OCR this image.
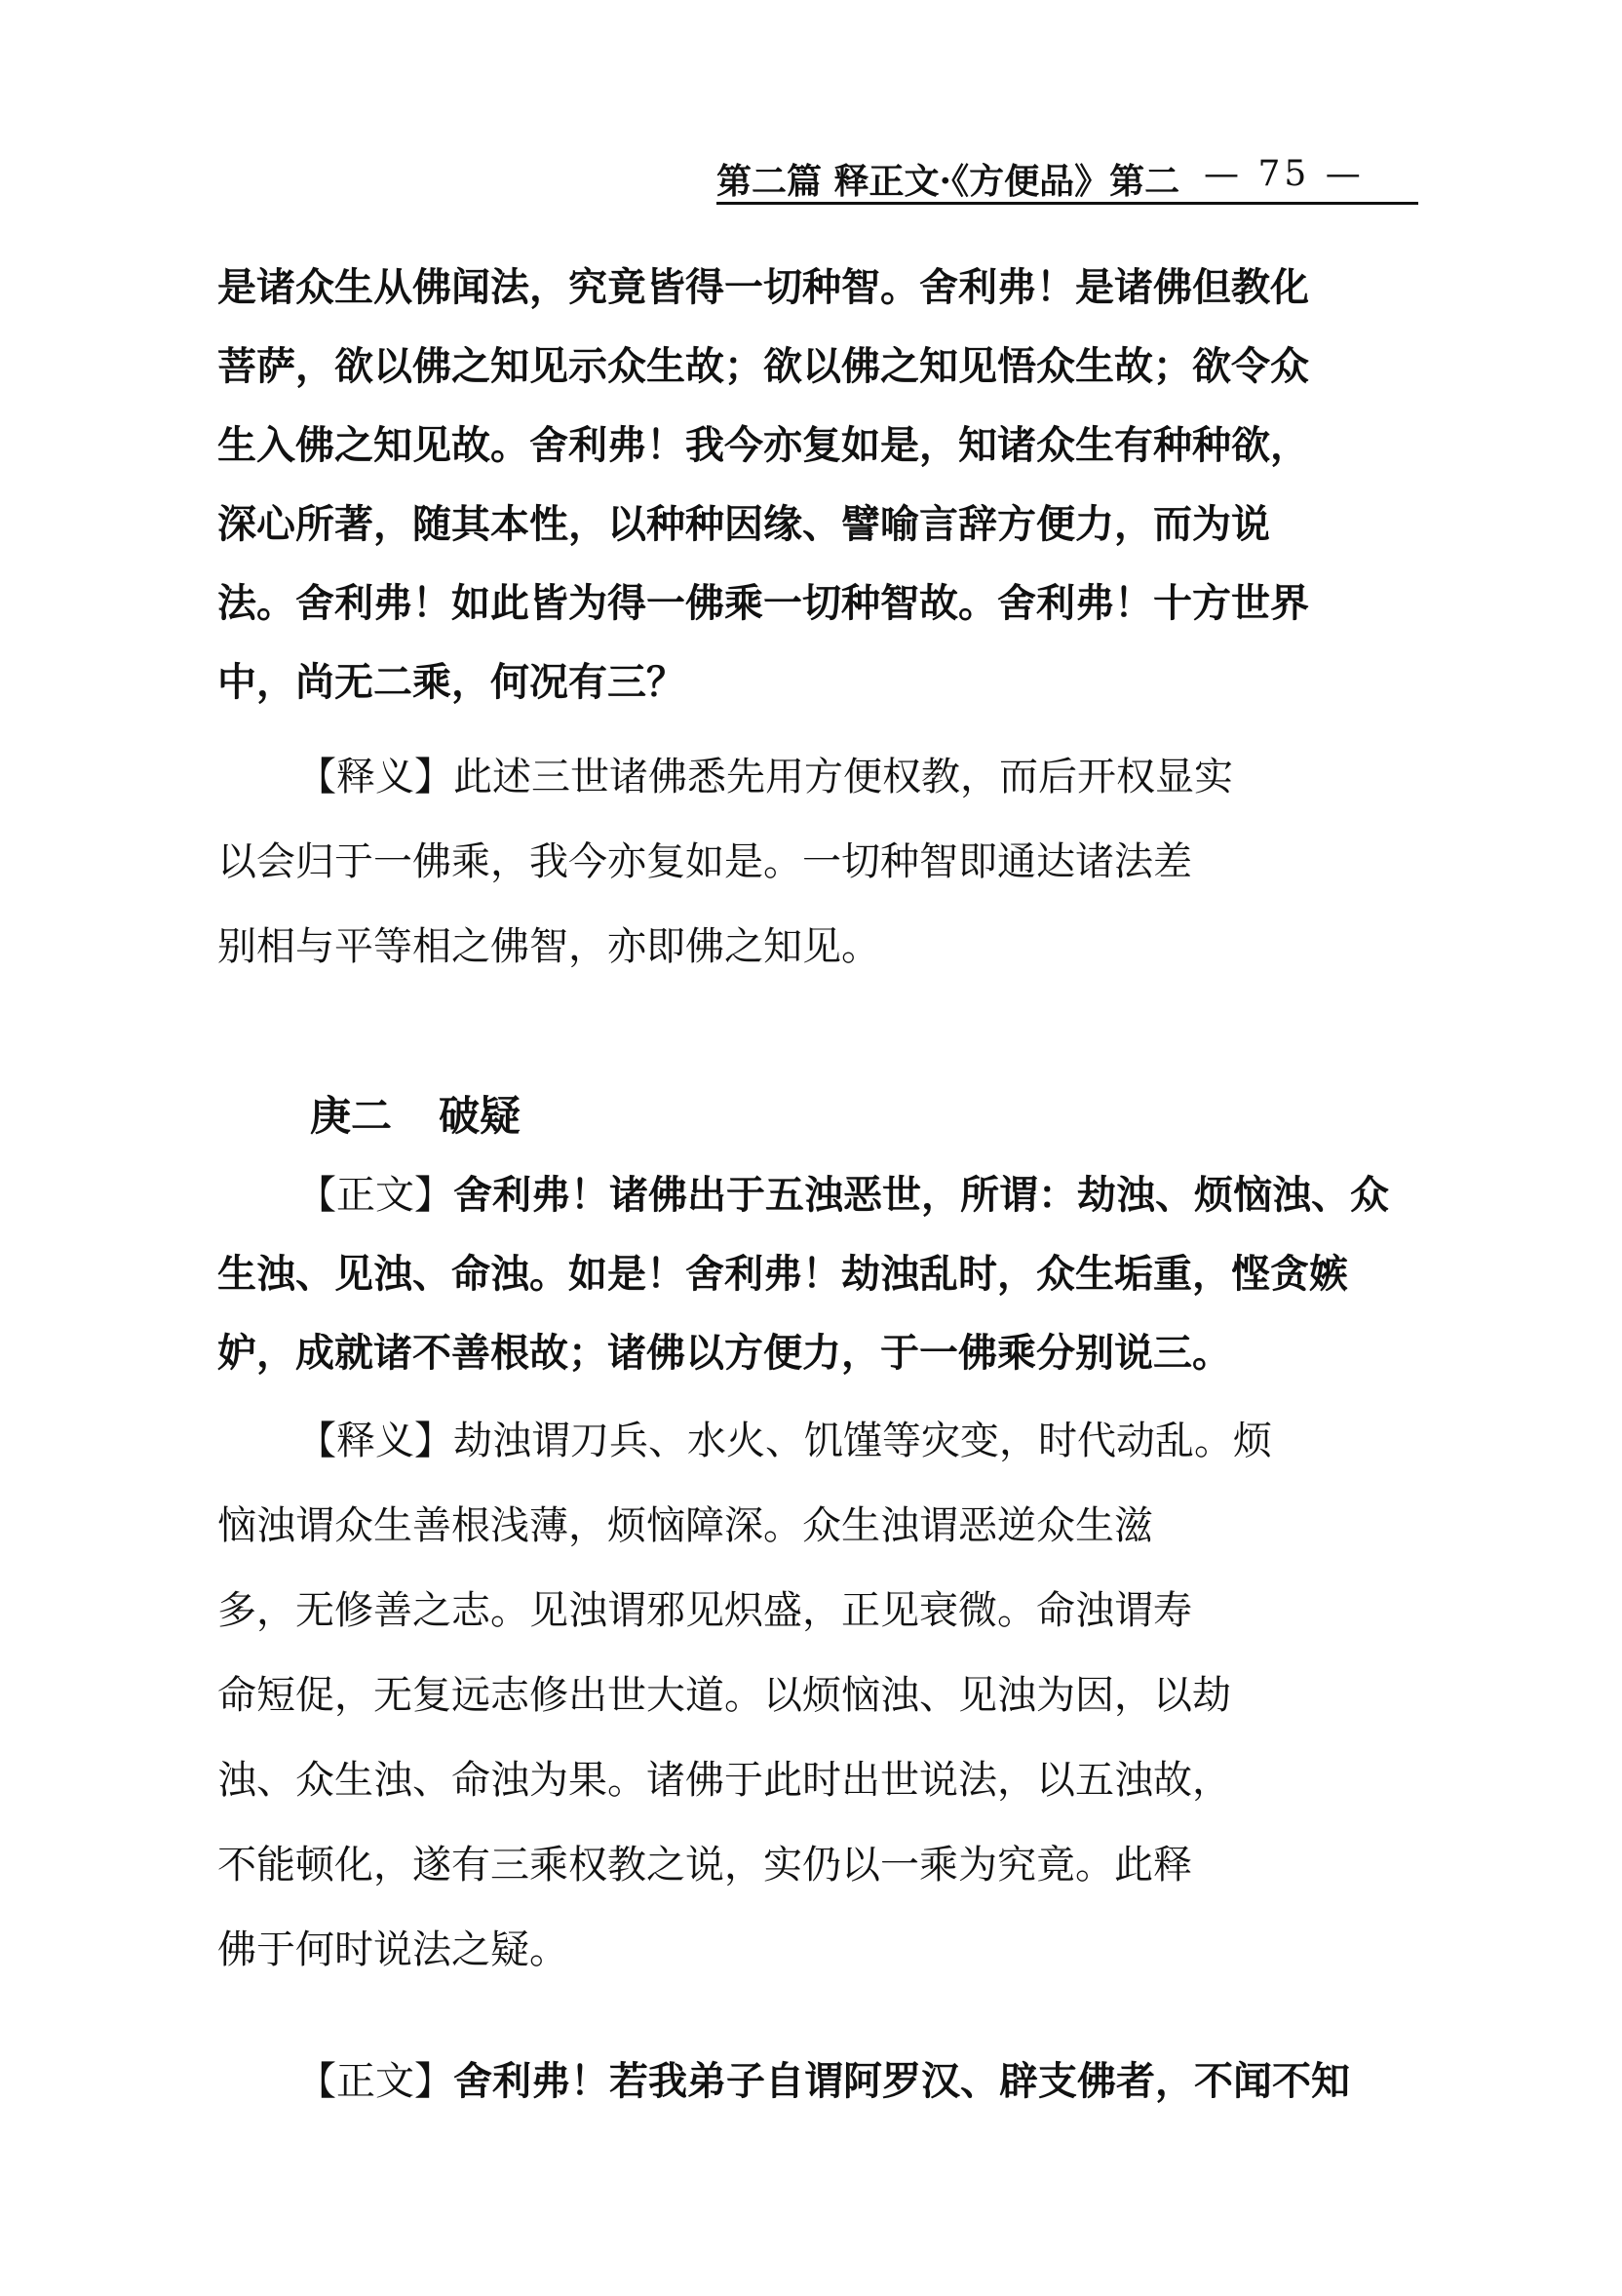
第二篇 释正文·《方便品》第二 — 75 —
是诸众生从佛闻法，究竟皆得一切种智。舍利弗！是诸佛但教化
菩萨，欲以佛之知见示众生故；欲以佛之知见悟众生故；欲令众
生入佛之知见故。舍利弗！我今亦复如是，知诸众生有种种欲，
深心所著，随其本性，以种种因缘、譬喻言辞方便力，而为说
法。舍利弗！如此皆为得一佛乘一切种智故。舍利弗！十方世界
中，尚无二乘，何况有三？
【释义】此述三世诸佛悉先用方便权教，而后开权显实
以会归于一佛乘，我今亦复如是。一切种智即通达诸法差
别相与平等相之佛智，亦即佛之知见。
庚二 破疑
【正文】舍利弗！诸佛出于五浊恶世，所谓：劫浊、烦恼浊、众
生浊、见浊、命浊。如是！舍利弗！劫浊乱时，众生垢重，悭贪嫉
妒，成就诸不善根故；诸佛以方便力，于一佛乘分别说三。
【释义】劫浊谓刀兵、水火、饥馑等灾变，时代动乱。烦
恼浊谓众生善根浅薄，烦恼障深。众生浊谓恶逆众生滋
多，无修善之志。见浊谓邪见炽盛，正见衰微。命浊谓寿
命短促，无复远志修出世大道。以烦恼浊、见浊为因，以劫
浊、众生浊、命浊为果。诸佛于此时出世说法，以五浊故，
不能顿化，遂有三乘权教之说，实仍以一乘为究竟。此释
佛于何时说法之疑。
【正文】舍利弗！若我弟子自谓阿罗汉、辟支佛者，不闻不知
